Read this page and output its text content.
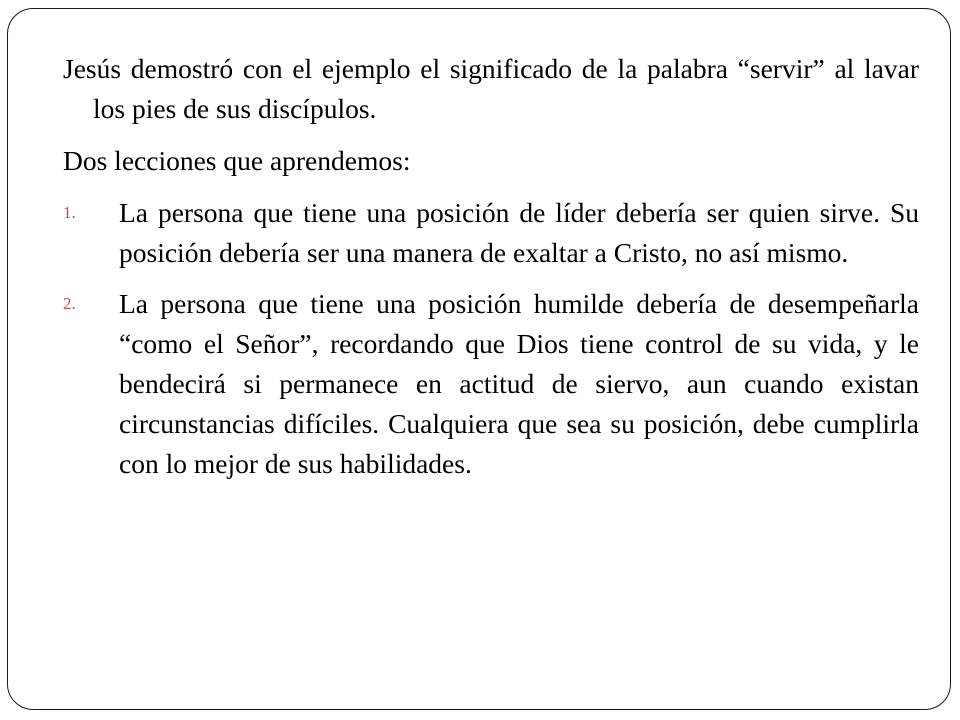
Jesús demostró con el ejemplo el significado de la palabra “servir” al lavar los pies de sus discípulos.

Dos lecciones que aprendemos:

1. La persona que tiene una posición de líder debería ser quien sirve. Su posición debería ser una manera de exaltar a Cristo, no así mismo.
2. La persona que tiene una posición humilde debería de desempeñarla “como el Señor”, recordando que Dios tiene control de su vida, y le bendecirá si permanece en actitud de siervo, aun cuando existan circunstancias difíciles. Cualquiera que sea su posición, debe cumplirla con lo mejor de sus habilidades.
